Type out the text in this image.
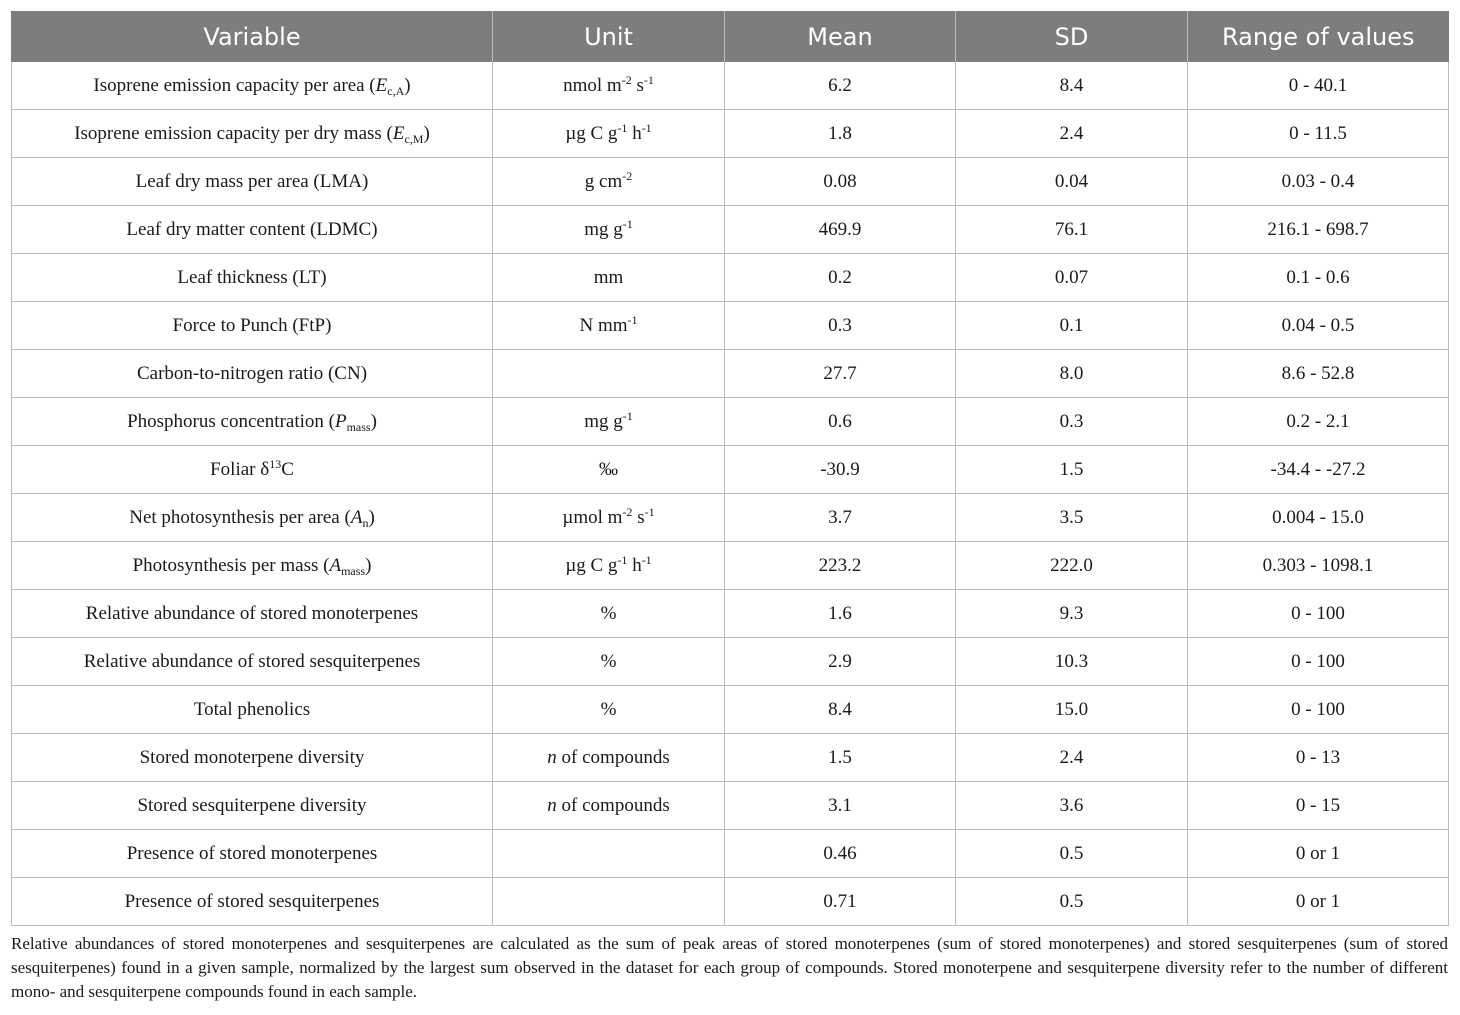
Variable	Unit	Mean	SD	Range of values
Isoprene emission capacity per area $(E_{c,A})$	nmol $m^{-2}$ $s^{-1}$	6.2	8.4	0 - 40.1
Isoprene emission capacity per dry mass $(E_{c,M})$	µg C $g^{-1}$ $h^{-1}$	1.8	2.4	0 - 11.5
Leaf dry mass per area (LMA)	g $cm^{-2}$	0.08	0.04	0.03 - 0.4
Leaf dry matter content (LDMC)	mg $g^{-1}$	469.9	76.1	216.1 - 698.7
Leaf thickness (LT)	mm	0.2	0.07	0.1 - 0.6
Force to Punch (FtP)	N $mm^{-1}$	0.3	0.1	0.04 - 0.5
Carbon-to-nitrogen ratio (CN)		27.7	8.0	8.6 - 52.8
Phosphorus concentration $(P_{mass})$	mg $g^{-1}$	0.6	0.3	0.2 - 2.1
Foliar $\delta^{13}C$	‰	-30.9	1.5	-34.4 - -27.2
Net photosynthesis per area $(A_n)$	µmol $m^{-2}$ $s^{-1}$	3.7	3.5	0.004 - 15.0
Photosynthesis per mass $(A_{mass})$	µg C $g^{-1}$ $h^{-1}$	223.2	222.0	0.303 - 1098.1
Relative abundance of stored monoterpenes	%	1.6	9.3	0 - 100
Relative abundance of stored sesquiterpenes	%	2.9	10.3	0 - 100
Total phenolics	%	8.4	15.0	0 - 100
Stored monoterpene diversity	n of compounds	1.5	2.4	0 - 13
Stored sesquiterpene diversity	n of compounds	3.1	3.6	0 - 15
Presence of stored monoterpenes		0.46	0.5	0 or 1
Presence of stored sesquiterpenes		0.71	0.5	0 or 1

Relative abundances of stored monoterpenes and sesquiterpenes are calculated as the sum of peak areas of stored monoterpenes (sum of stored monoterpenes) and stored sesquiterpenes (sum of stored sesquiterpenes) found in a given sample, normalized by the largest sum observed in the dataset for each group of compounds. Stored monoterpene and sesquiterpene diversity refer to the number of different mono- and sesquiterpene compounds found in each sample.
